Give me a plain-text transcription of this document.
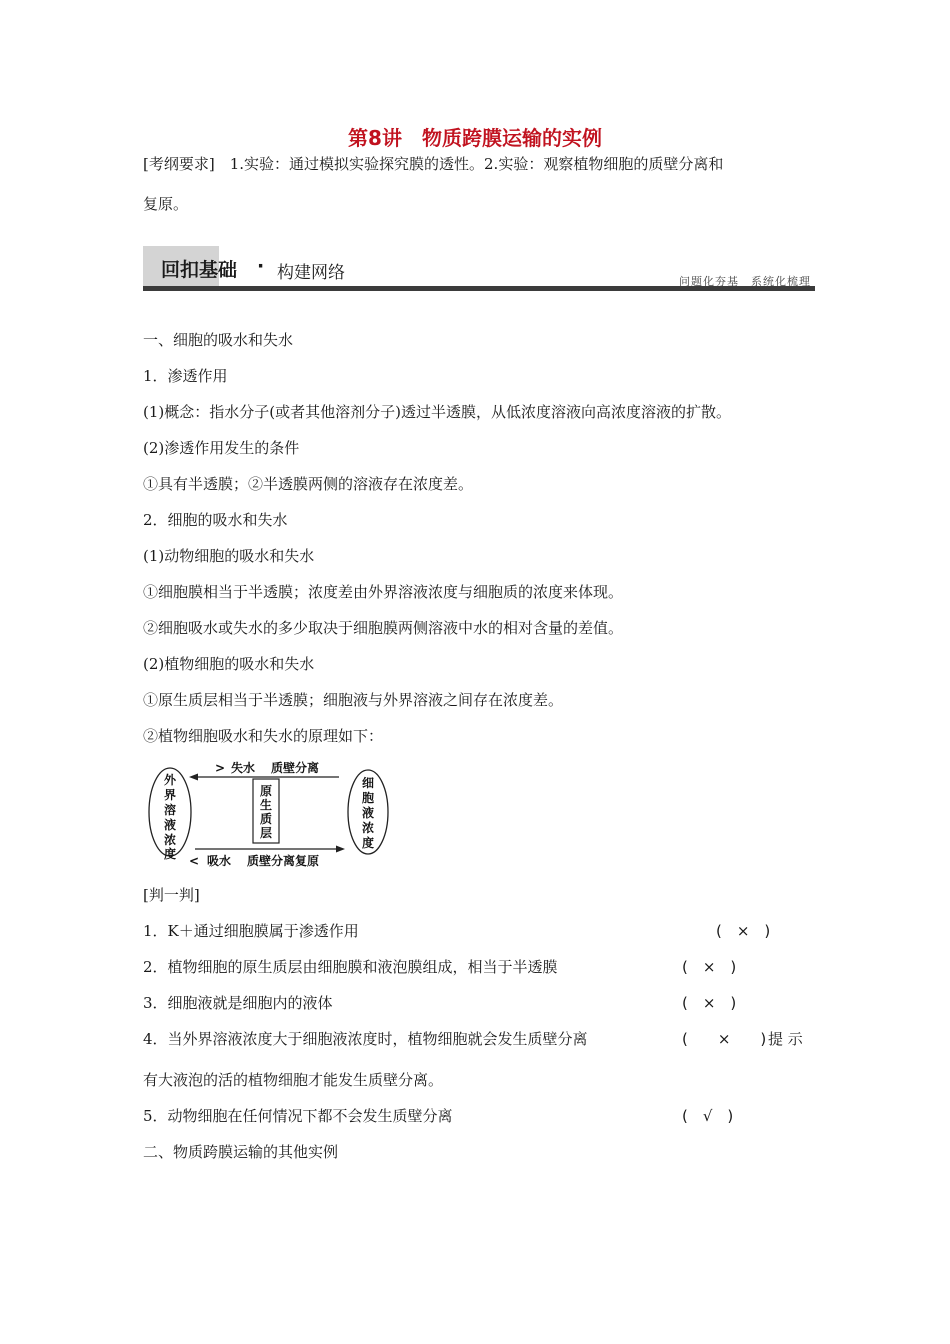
第8讲　物质跨膜运输的实例
[考纲要求]　1.实验：通过模拟实验探究膜的透性。2.实验：观察植物细胞的质壁分离和
复原。
回扣基础 · 构建网络	问题化夯基　系统化梳理
一、细胞的吸水和失水
1．渗透作用
(1)概念：指水分子(或者其他溶剂分子)透过半透膜，从低浓度溶液向高浓度溶液的扩散。
(2)渗透作用发生的条件
①具有半透膜；②半透膜两侧的溶液存在浓度差。
2．细胞的吸水和失水
(1)动物细胞的吸水和失水
①细胞膜相当于半透膜；浓度差由外界溶液浓度与细胞质的浓度来体现。
②细胞吸水或失水的多少取决于细胞膜两侧溶液中水的相对含量的差值。
(2)植物细胞的吸水和失水
①原生质层相当于半透膜；细胞液与外界溶液之间存在浓度差。
②植物细胞吸水和失水的原理如下：
外
界
溶
液
浓
度
细
胞
液
浓
度
原
生
质
层
> 失水 质壁分离
< 吸水 质壁分离复原
[判一判]
1．K＋通过细胞膜属于渗透作用	(　×　)
2．植物细胞的原生质层由细胞膜和液泡膜组成，相当于半透膜	(　×　)
3．细胞液就是细胞内的液体	(　×　)
4．当外界溶液浓度大于细胞液浓度时，植物细胞就会发生质壁分离	(　　×　　) 提 示
有大液泡的活的植物细胞才能发生质壁分离。
5．动物细胞在任何情况下都不会发生质壁分离	(　√　)
二、物质跨膜运输的其他实例
